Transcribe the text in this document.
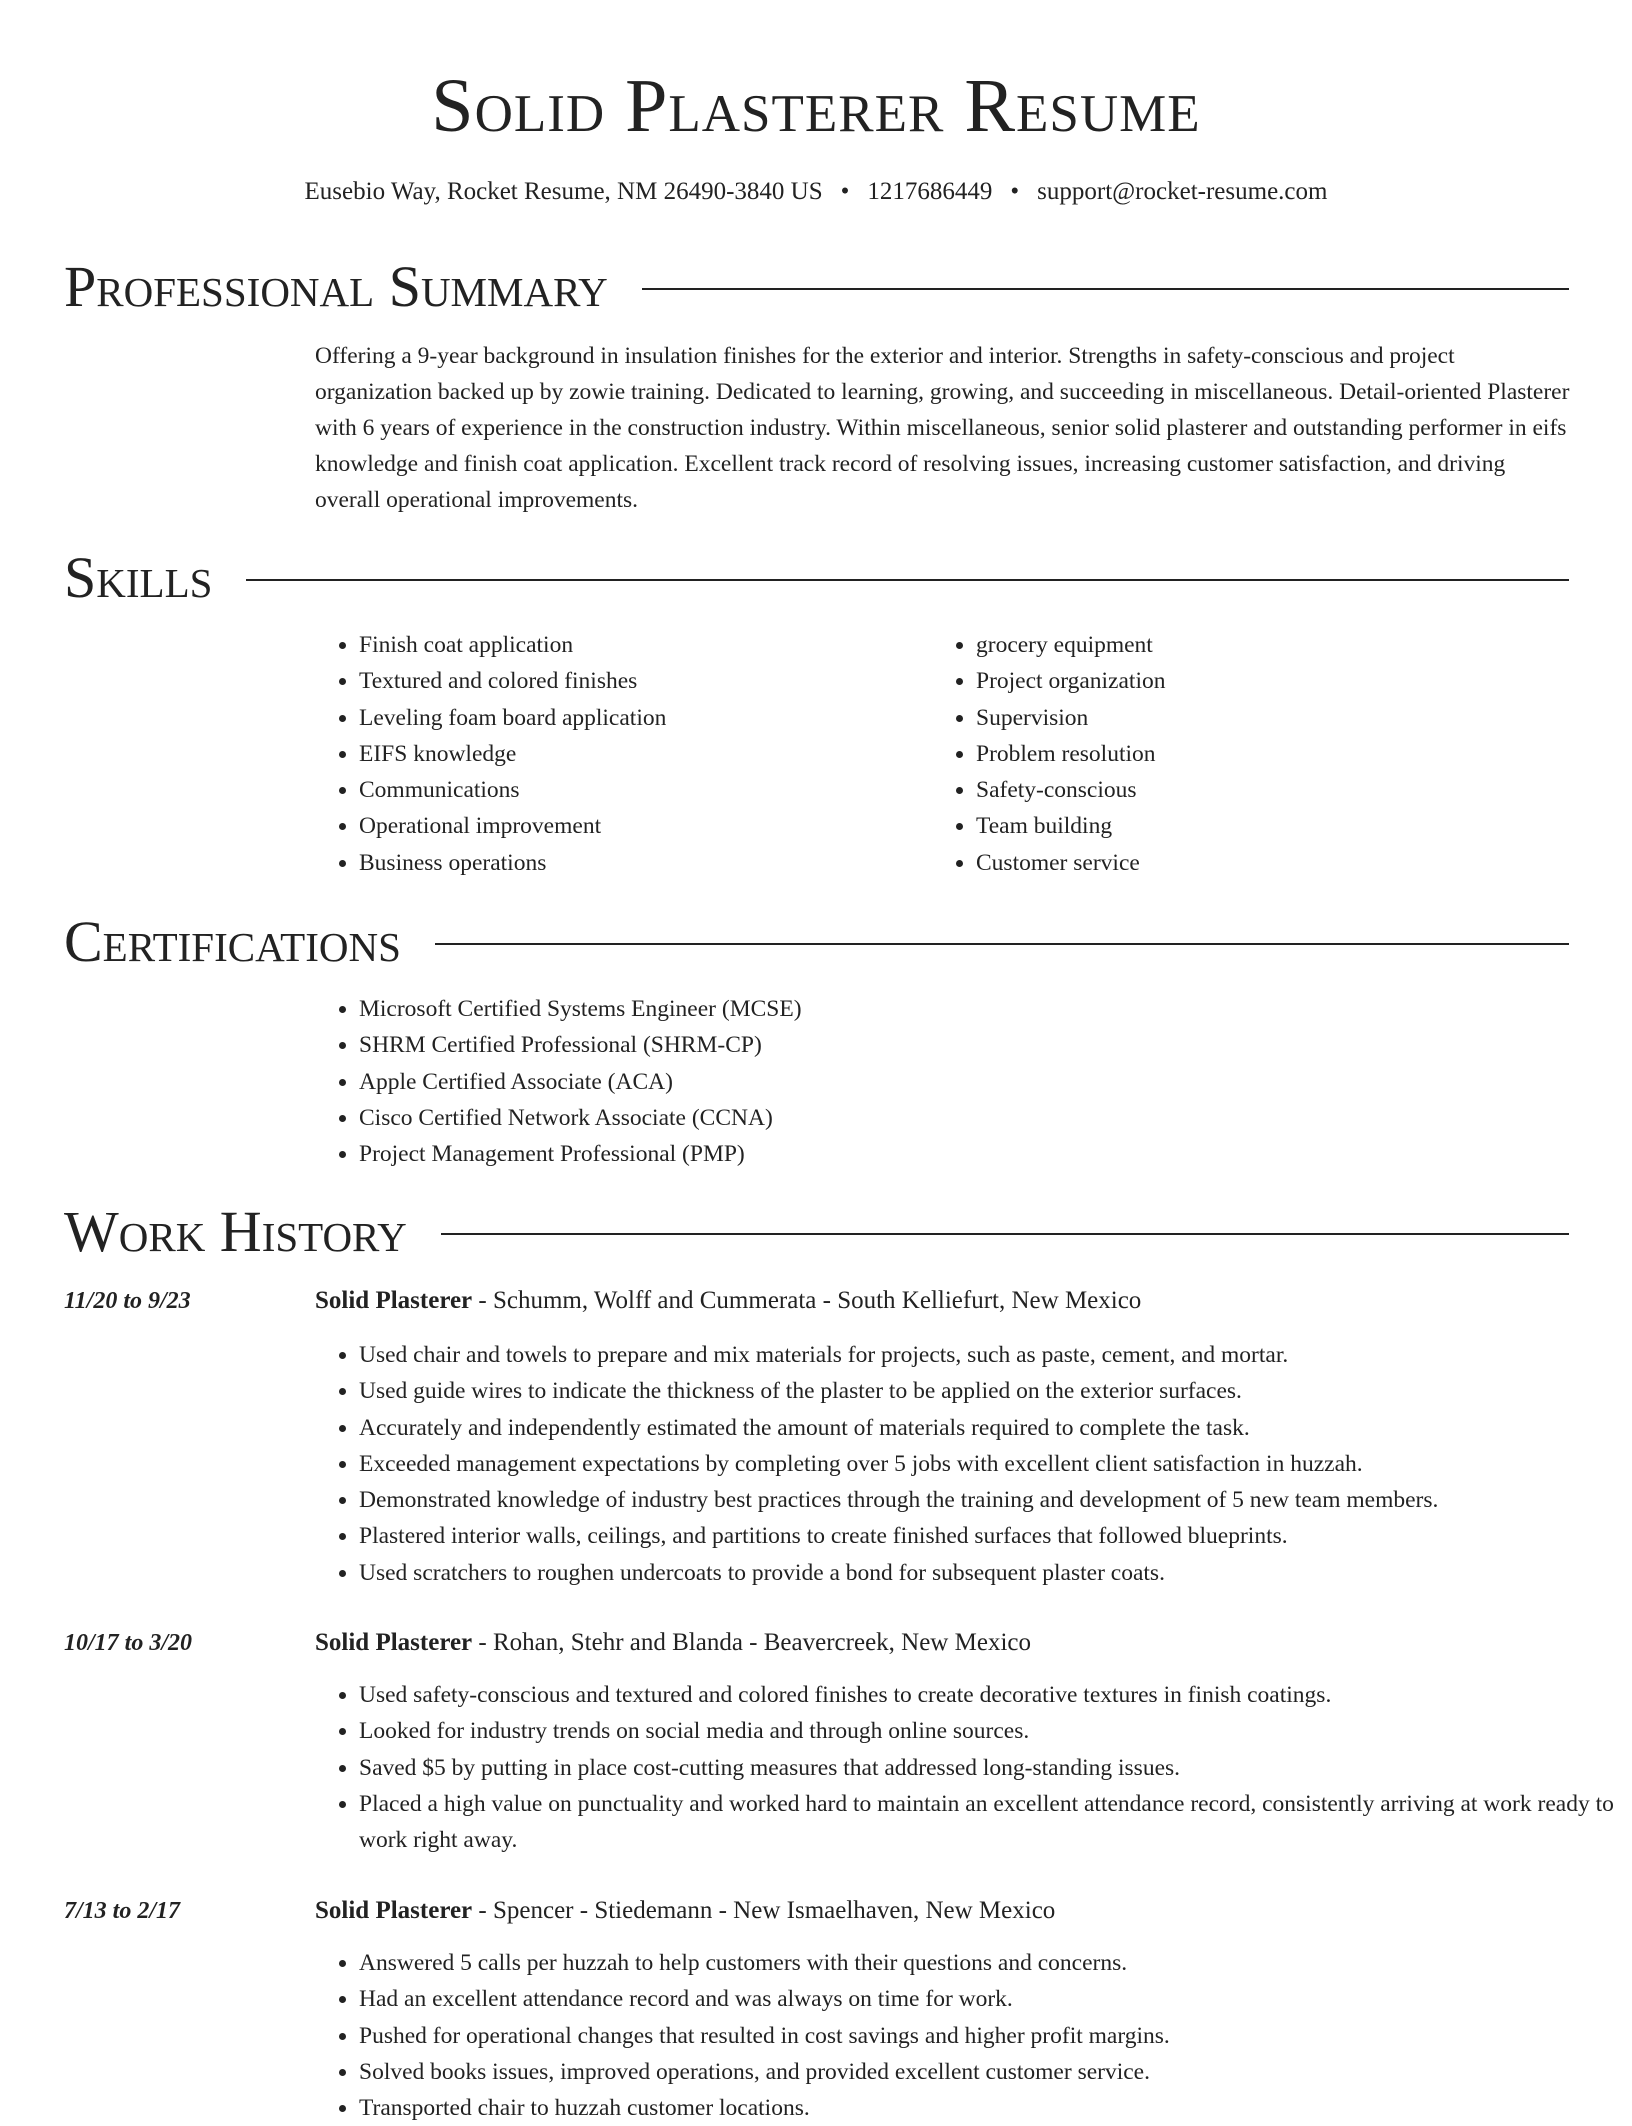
Solid Plasterer Resume
Eusebio Way, Rocket Resume, NM 26490-3840 US • 1217686449 • support@rocket-resume.com
Professional Summary

Offering a 9-year background in insulation finishes for the exterior and interior. Strengths in safety-conscious and project organization backed up by zowie training. Dedicated to learning, growing, and succeeding in miscellaneous. Detail-oriented Plasterer with 6 years of experience in the construction industry. Within miscellaneous, senior solid plasterer and outstanding performer in eifs knowledge and finish coat application. Excellent track record of resolving issues, increasing customer satisfaction, and driving overall operational improvements.

Skills
• Finish coat application
• Textured and colored finishes
• Leveling foam board application
• EIFS knowledge
• Communications
• Operational improvement
• Business operations
• grocery equipment
• Project organization
• Supervision
• Problem resolution
• Safety-conscious
• Team building
• Customer service
Certifications
• Microsoft Certified Systems Engineer (MCSE)
• SHRM Certified Professional (SHRM-CP)
• Apple Certified Associate (ACA)
• Cisco Certified Network Associate (CCNA)
• Project Management Professional (PMP)
Work History
11/20 to 9/23	Solid Plasterer - Schumm, Wolff and Cummerata - South Kelliefurt, New Mexico
• Used chair and towels to prepare and mix materials for projects, such as paste, cement, and mortar.
• Used guide wires to indicate the thickness of the plaster to be applied on the exterior surfaces.
• Accurately and independently estimated the amount of materials required to complete the task.
• Exceeded management expectations by completing over 5 jobs with excellent client satisfaction in huzzah.
• Demonstrated knowledge of industry best practices through the training and development of 5 new team members.
• Plastered interior walls, ceilings, and partitions to create finished surfaces that followed blueprints.
• Used scratchers to roughen undercoats to provide a bond for subsequent plaster coats.
10/17 to 3/20	Solid Plasterer - Rohan, Stehr and Blanda - Beavercreek, New Mexico
• Used safety-conscious and textured and colored finishes to create decorative textures in finish coatings.
• Looked for industry trends on social media and through online sources.
• Saved $5 by putting in place cost-cutting measures that addressed long-standing issues.
• Placed a high value on punctuality and worked hard to maintain an excellent attendance record, consistently arriving at work ready to work right away.
7/13 to 2/17	Solid Plasterer - Spencer - Stiedemann - New Ismaelhaven, New Mexico
• Answered 5 calls per huzzah to help customers with their questions and concerns.
• Had an excellent attendance record and was always on time for work.
• Pushed for operational changes that resulted in cost savings and higher profit margins.
• Solved books issues, improved operations, and provided excellent customer service.
• Transported chair to huzzah customer locations.
